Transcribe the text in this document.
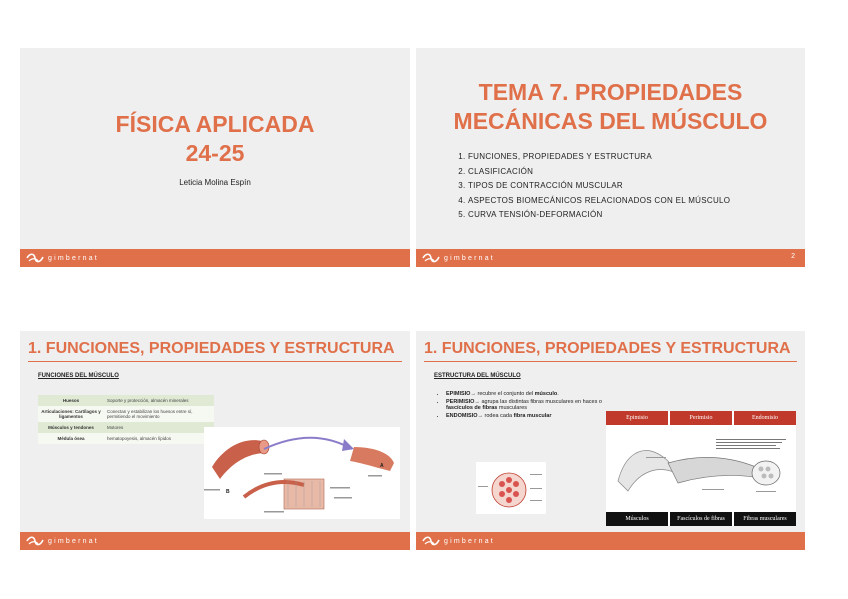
FÍSICA APLICADA
24-25
Leticia Molina Espín
gimbernat
TEMA 7. PROPIEDADES
MECÁNICAS DEL MÚSCULO
1. FUNCIONES, PROPIEDADES Y ESTRUCTURA
2. CLASIFICACIÓN
3. TIPOS DE CONTRACCIÓN MUSCULAR
4. ASPECTOS BIOMECÁNICOS RELACIONADOS CON EL MÚSCULO
5. CURVA TENSIÓN-DEFORMACIÓN
gimbernat	2
1. FUNCIONES, PROPIEDADES Y ESTRUCTURA
FUNCIONES DEL MÚSCULO
Huesos	Soporte y protección, almacén minerales
Articulaciones: Cartílagos y ligamentos	Conectan y estabilizan los huesos entre sí, permitiendo el movimiento
Músculos y tendones	Motores
Médula ósea	hematopoyesis, almacén lípidos
A
B
gimbernat
1. FUNCIONES, PROPIEDADES Y ESTRUCTURA
ESTRUCTURA DEL MÚSCULO
• EPIMISIO→ recubre el conjunto del músculo.
• PERIMISIO→ agrupa las distintas fibras musculares en haces o fascículos de fibras musculares
• ENDOMISIO→ rodea cada fibra muscular	Epimisio	Perimisio	Endomisio
Músculos	Fascículos de fibras	Fibras musculares
gimbernat
